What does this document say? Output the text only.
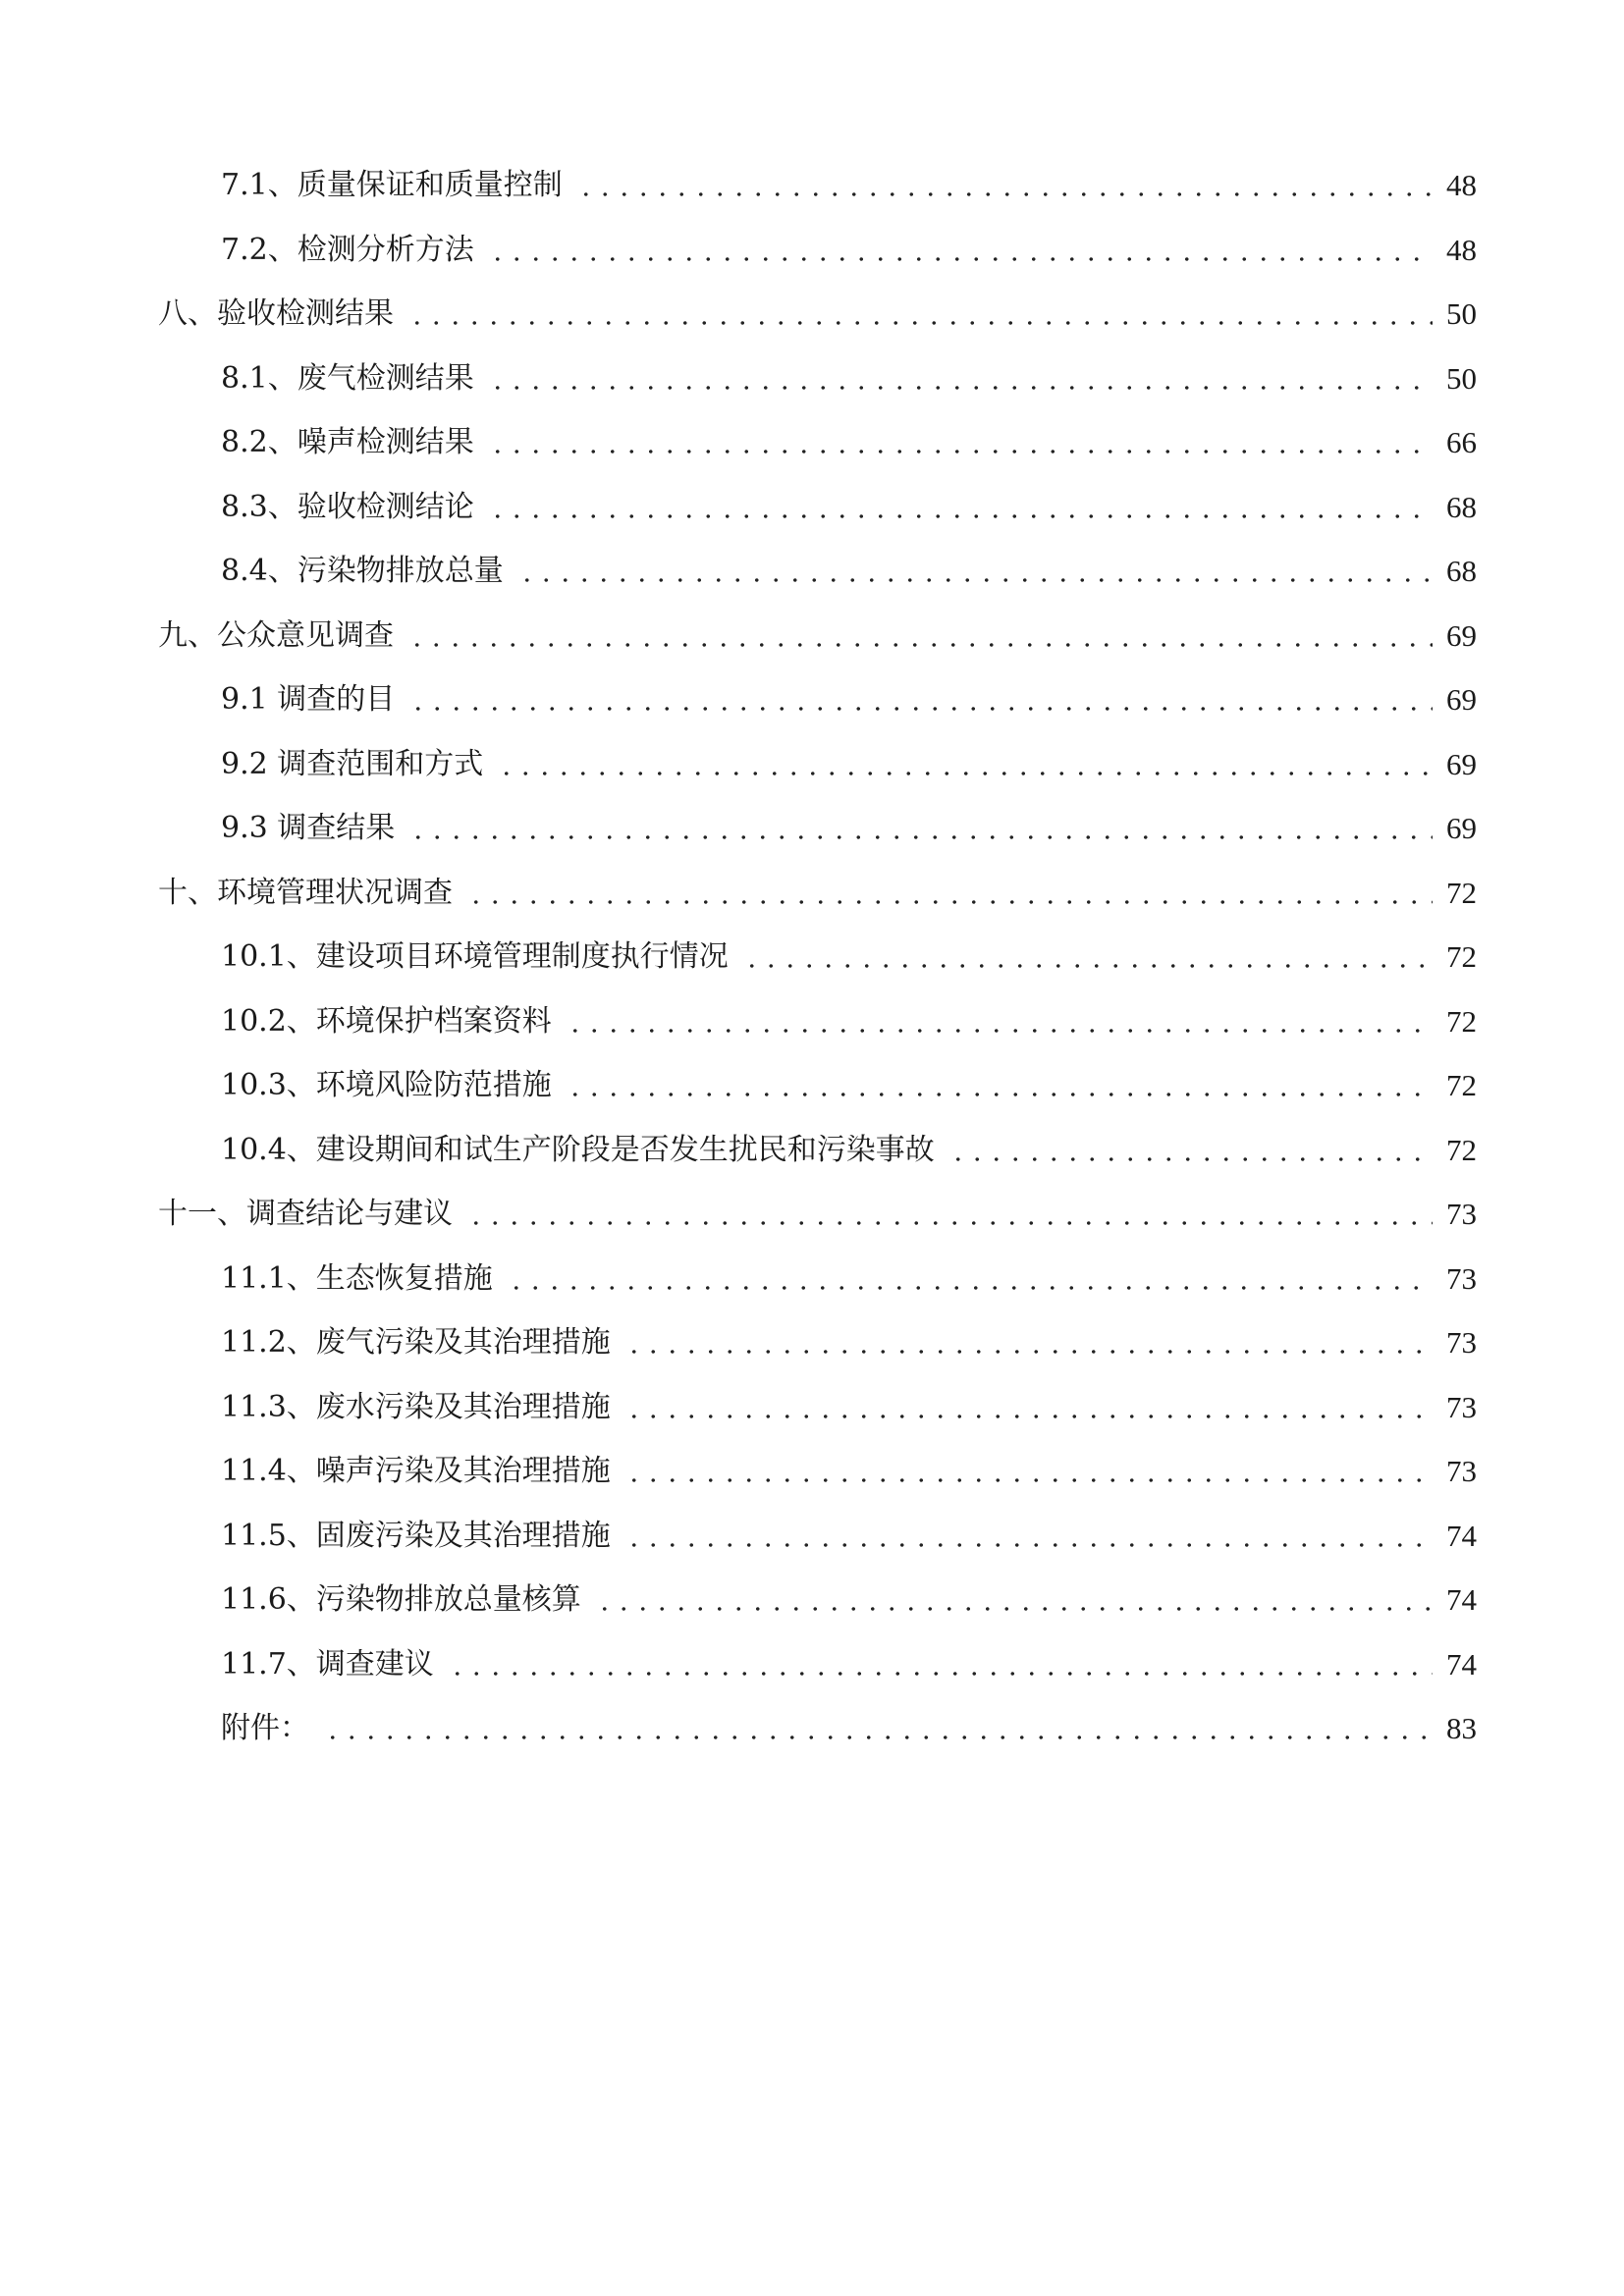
7.1、质量保证和质量控制	48
7.2、检测分析方法	48
八、验收检测结果	50
8.1、废气检测结果	50
8.2、噪声检测结果	66
8.3、验收检测结论	68
8.4、污染物排放总量	68
九、公众意见调查	69
9.1 调查的目	69
9.2 调查范围和方式	69
9.3 调查结果	69
十、环境管理状况调查	72
10.1、建设项目环境管理制度执行情况	72
10.2、环境保护档案资料	72
10.3、环境风险防范措施	72
10.4、建设期间和试生产阶段是否发生扰民和污染事故	72
十一、调查结论与建议	73
11.1、生态恢复措施	73
11.2、废气污染及其治理措施	73
11.3、废水污染及其治理措施	73
11.4、噪声污染及其治理措施	73
11.5、固废污染及其治理措施	74
11.6、污染物排放总量核算	74
11.7、调查建议	74
附件：	83
